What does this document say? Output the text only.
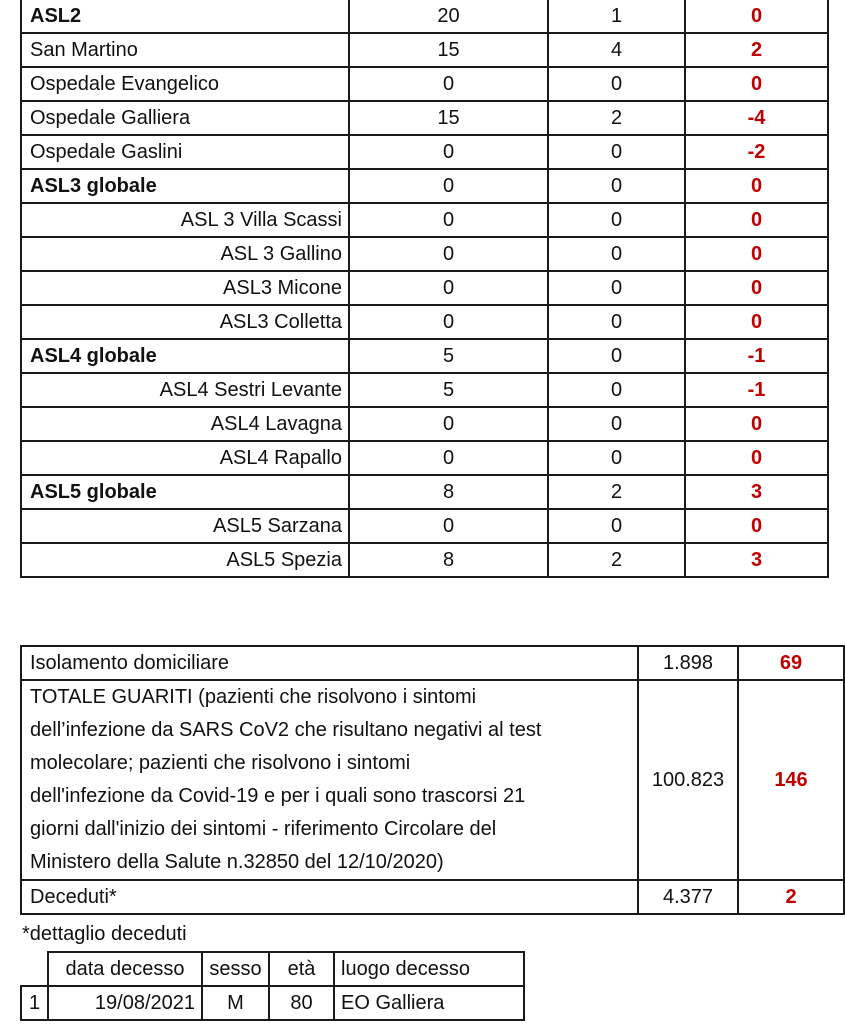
ASL2	20	1	0
San Martino	15	4	2
Ospedale Evangelico	0	0	0
Ospedale Galliera	15	2	-4
Ospedale Gaslini	0	0	-2
ASL3 globale	0	0	0
ASL 3 Villa Scassi	0	0	0
ASL 3 Gallino	0	0	0
ASL3 Micone	0	0	0
ASL3 Colletta	0	0	0
ASL4 globale	5	0	-1
ASL4 Sestri Levante	5	0	-1
ASL4 Lavagna	0	0	0
ASL4 Rapallo	0	0	0
ASL5 globale	8	2	3
ASL5 Sarzana	0	0	0
ASL5 Spezia	8	2	3
Isolamento domiciliare	1.898	69

TOTALE GUARITI (pazienti che risolvono i sintomi
dell’infezione da SARS CoV2 che risultano negativi al test
molecolare; pazienti che risolvono i sintomi
dell'infezione da Covid-19 e per i quali sono trascorsi 21
giorni dall'inizio dei sintomi - riferimento Circolare del
Ministero della Salute n.32850 del 12/10/2020)
	100.823	146
Deceduti*	4.377	2
*dettaglio deceduti
	data decesso	sesso	età	luogo decesso
1	19/08/2021	M	80	EO Galliera
